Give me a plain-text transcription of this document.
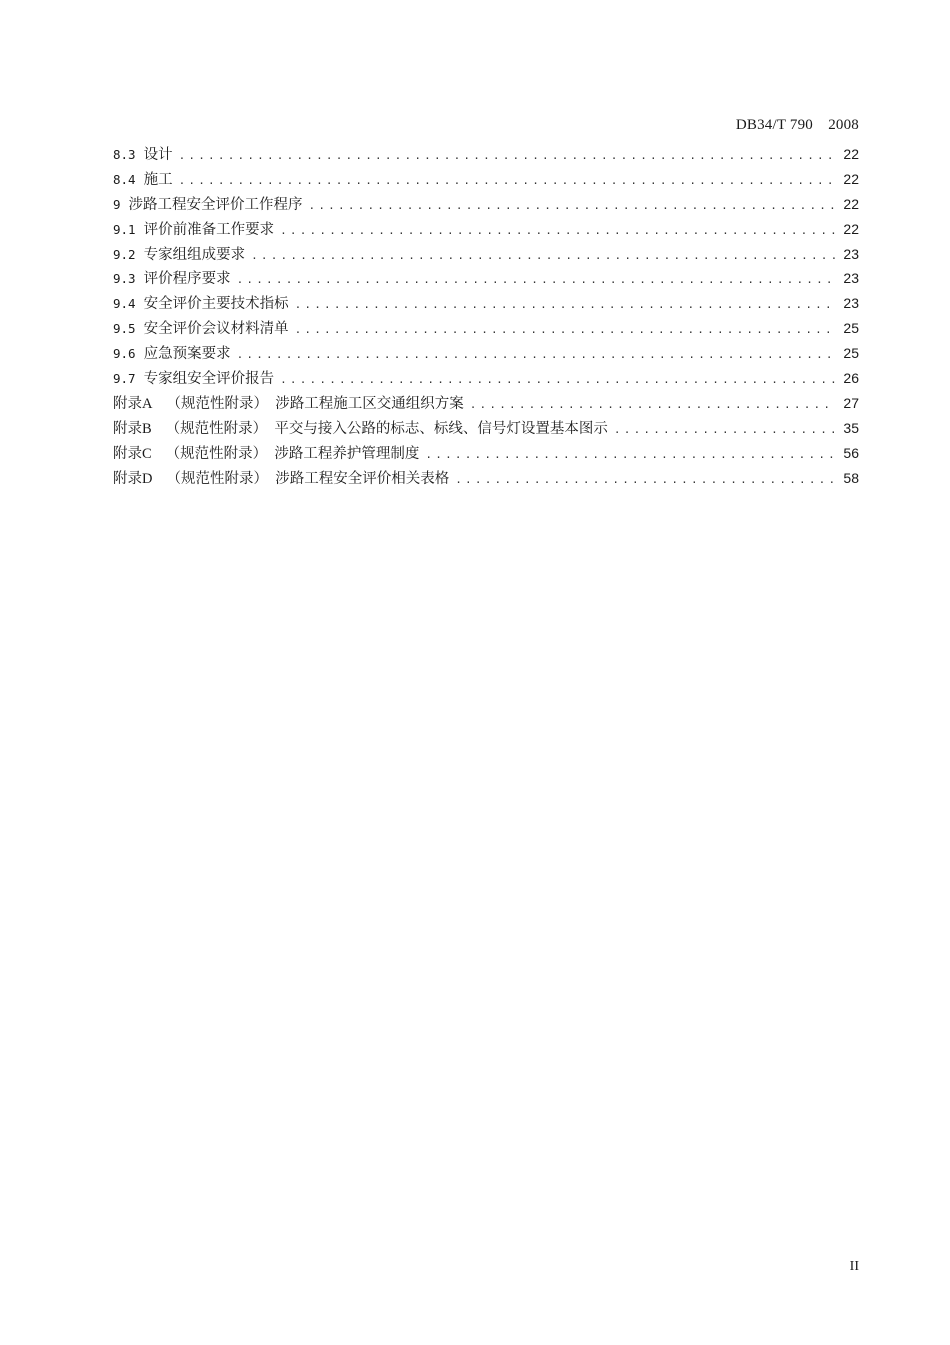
DB34/T 790　2008
8.3 设计 .....	22
8.4 施工 .....	22
9 涉路工程安全评价工作程序 .....	22
9.1 评价前准备工作要求 .....	22
9.2 专家组组成要求 .....	23
9.3 评价程序要求 .....	23
9.4 安全评价主要技术指标 .....	23
9.5 安全评价会议材料清单 .....	25
9.6 应急预案要求 .....	25
9.7 专家组安全评价报告 .....	26
附录A （规范性附录）　涉路工程施工区交通组织方案 .....	27
附录B （规范性附录）　平交与接入公路的标志、标线、信号灯设置基本图示 .....	35
附录C （规范性附录）　涉路工程养护管理制度 .....	56
附录D （规范性附录）　涉路工程安全评价相关表格 .....	58
II
